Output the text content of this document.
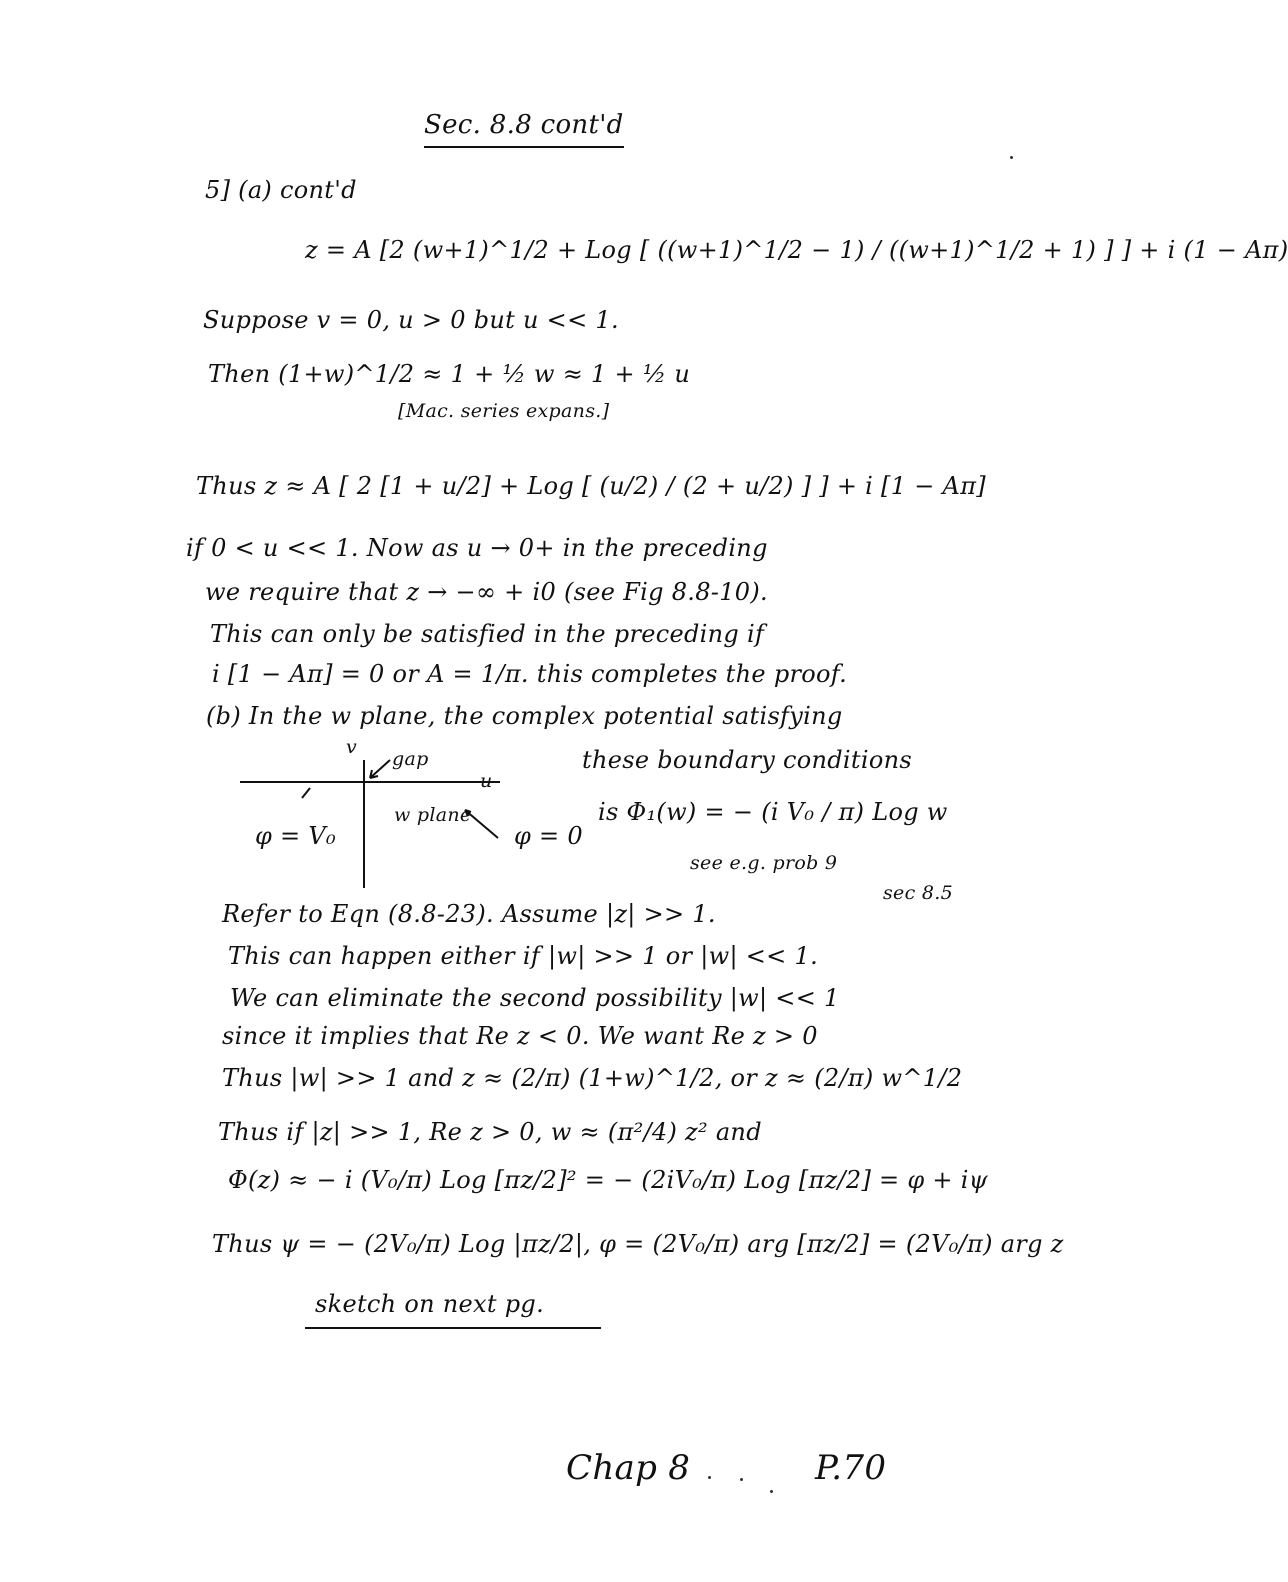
Sec. 8.8 cont'd
5] (a) cont'd
z = A [2 (w+1)^1/2 + Log [ ((w+1)^1/2 − 1) / ((w+1)^1/2 + 1) ] ] + i (1 − Aπ)
Suppose v = 0, u > 0 but u << 1.
Then (1+w)^1/2 ≈ 1 + ½ w ≈ 1 + ½ u
[Mac. series expans.]
Thus z ≈ A [ 2 [1 + u/2] + Log [ (u/2) / (2 + u/2) ] ] + i [1 − Aπ]
if 0 < u << 1. Now as u → 0+ in the preceding
we require that z → −∞ + i0 (see Fig 8.8-10).
This can only be satisfied in the preceding if
i [1 − Aπ] = 0 or A = 1/π. this completes the proof.
(b) In the w plane, the complex potential satisfying
v
gap
u
φ = V₀
w plane
φ = 0
these boundary conditions
is Φ₁(w) = − (i V₀ / π) Log w
see e.g. prob 9
sec 8.5
Refer to Eqn (8.8-23). Assume |z| >> 1.
This can happen either if |w| >> 1 or |w| << 1.
We can eliminate the second possibility |w| << 1
since it implies that Re z < 0. We want Re z > 0
Thus |w| >> 1 and z ≈ (2/π) (1+w)^1/2, or z ≈ (2/π) w^1/2
Thus if |z| >> 1, Re z > 0, w ≈ (π²/4) z² and
Φ(z) ≈ − i (V₀/π) Log [πz/2]² = − (2iV₀/π) Log [πz/2] = φ + iψ
Thus ψ = − (2V₀/π) Log |πz/2|, φ = (2V₀/π) arg [πz/2] = (2V₀/π) arg z
sketch on next pg.
Chap 8	P.70
